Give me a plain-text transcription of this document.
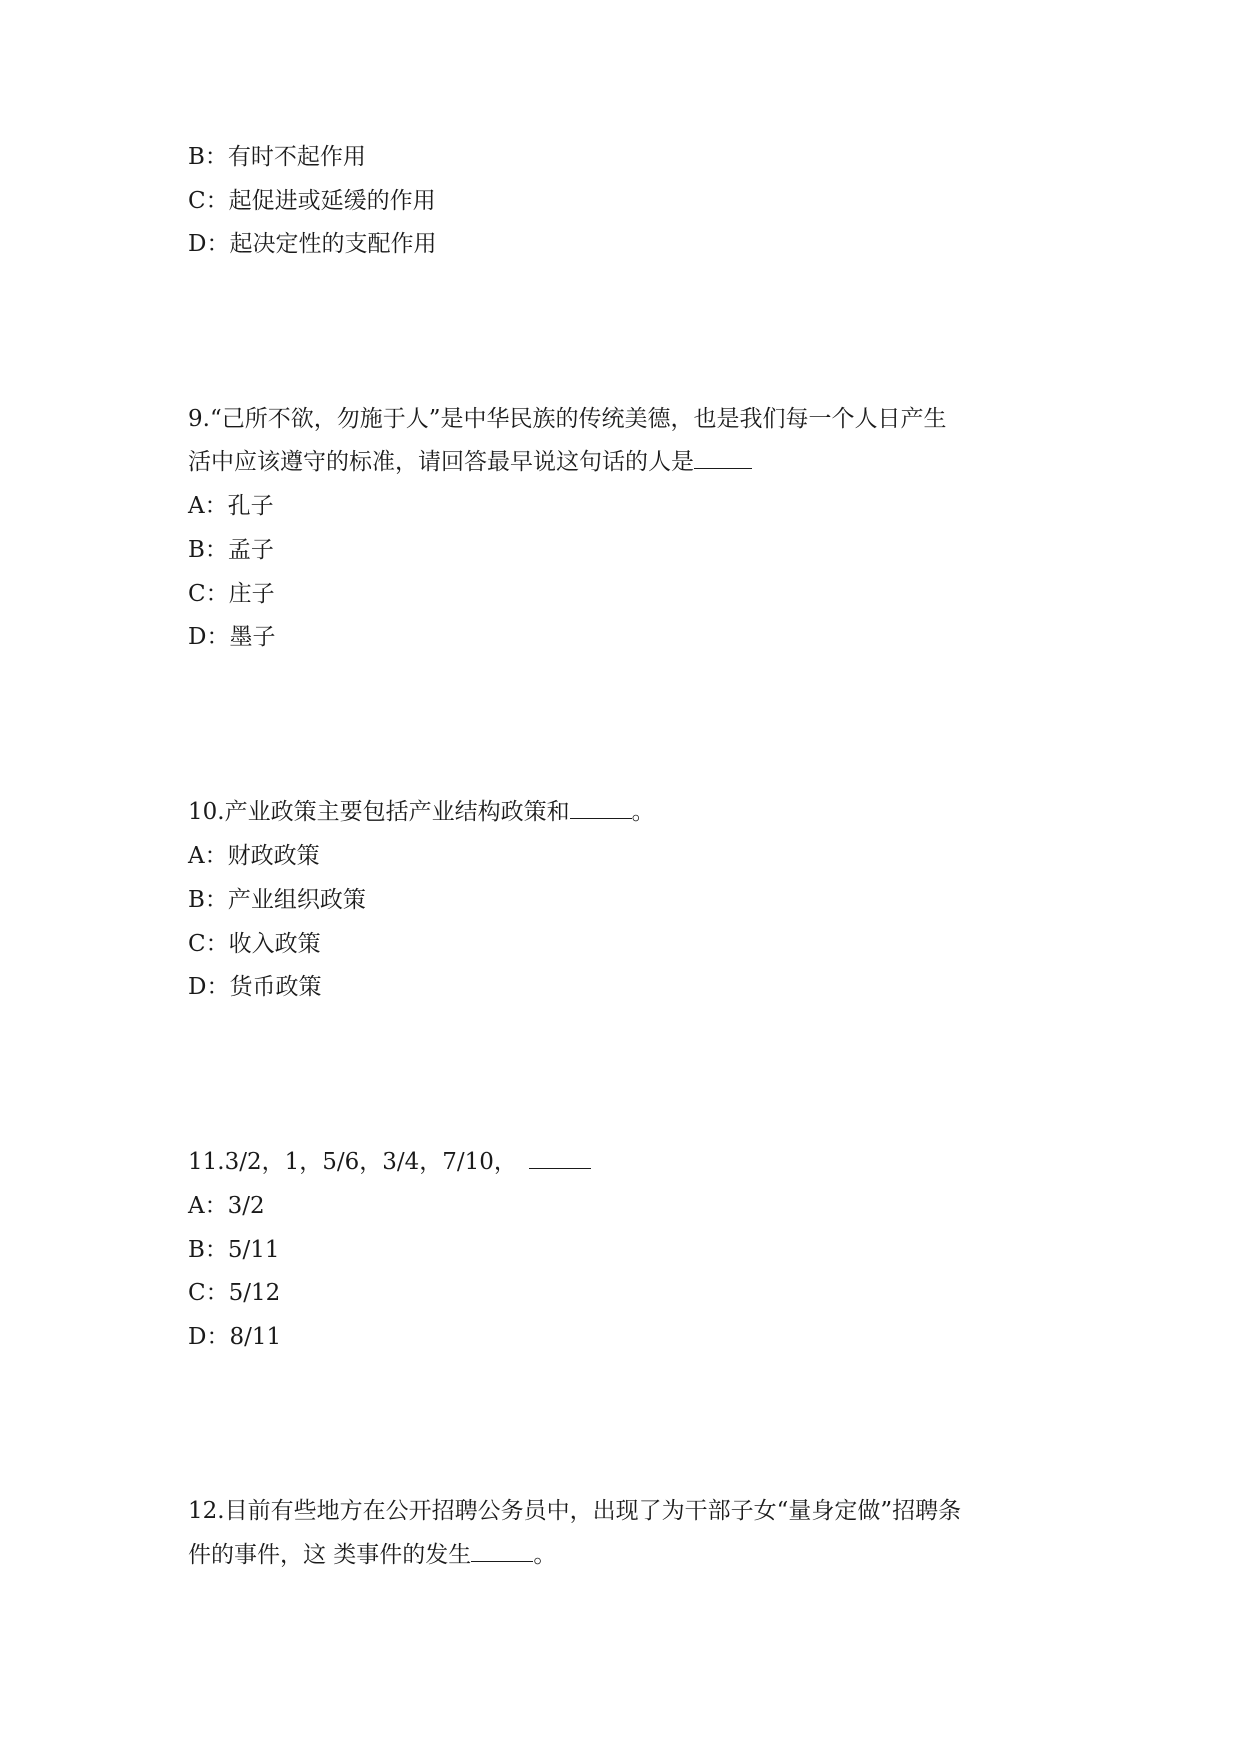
B：有时不起作用
C：起促进或延缓的作用
D：起决定性的支配作用
9.“己所不欲，勿施于人”是中华民族的传统美德，也是我们每一个人日产生
活中应该遵守的标准，请回答最早说这句话的人是
A：孔子
B：孟子
C：庄子
D：墨子
10.产业政策主要包括产业结构政策和	。
A：财政政策
B：产业组织政策
C：收入政策
D：货币政策
11.3/2，1，5/6，3/4，7/10，
A：3/2
B：5/11
C：5/12
D：8/11
12.目前有些地方在公开招聘公务员中，出现了为干部子女“量身定做”招聘条
件的事件，这 类事件的发生	。
